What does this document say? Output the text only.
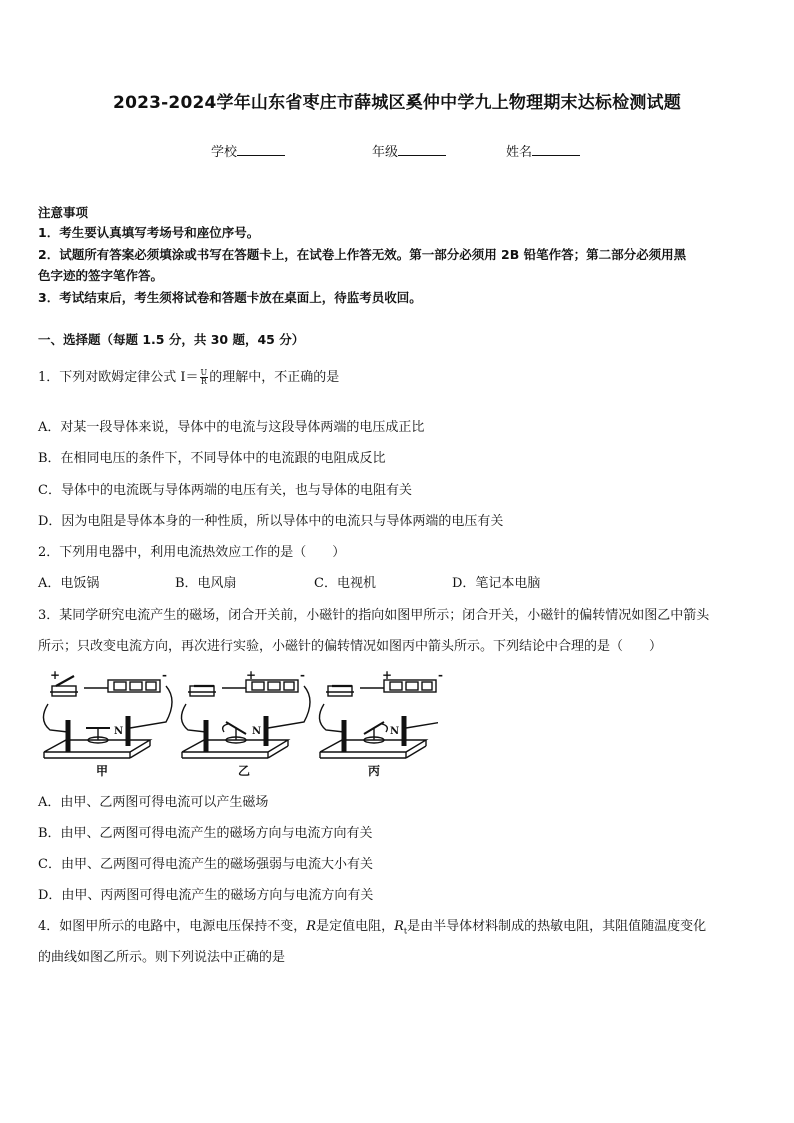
2023-2024学年山东省枣庄市薛城区奚仲中学九上物理期末达标检测试题
学校	年级	姓名
注意事项
1．考生要认真填写考场号和座位序号。
2．试题所有答案必须填涂或书写在答题卡上，在试卷上作答无效。第一部分必须用 2B 铅笔作答；第二部分必须用黑
色字迹的签字笔作答。
3．考试结束后，考生须将试卷和答题卡放在桌面上，待监考员收回。
一、选择题（每题 1.5 分，共 30 题，45 分）
1．下列对欧姆定律公式 $I= \frac{U}{R}$ 的理解中，不正确的是
A．对某一段导体来说，导体中的电流与这段导体两端的电压成正比
B．在相同电压的条件下，不同导体中的电流跟的电阻成反比
C．导体中的电流既与导体两端的电压有关，也与导体的电阻有关
D．因为电阻是导体本身的一种性质，所以导体中的电流只与导体两端的电压有关
2．下列用电器中，利用电流热效应工作的是（　　）
A．电饭锅	B．电风扇	C．电视机	D．笔记本电脑
3．某同学研究电流产生的磁场，闭合开关前，小磁针的指向如图甲所示；闭合开关，小磁针的偏转情况如图乙中箭头
所示；只改变电流方向，再次进行实验，小磁针的偏转情况如图丙中箭头所示。下列结论中合理的是（　　）
+	-	+	-	+	-
N	N	N
甲	乙	丙
A．由甲、乙两图可得电流可以产生磁场
B．由甲、乙两图可得电流产生的磁场方向与电流方向有关
C．由甲、乙两图可得电流产生的磁场强弱与电流大小有关
D．由甲、丙两图可得电流产生的磁场方向与电流方向有关
4．如图甲所示的电路中，电源电压保持不变，R是定值电阻，$R_t$是由半导体材料制成的热敏电阻，其阻值随温度变化
的曲线如图乙所示。则下列说法中正确的是
